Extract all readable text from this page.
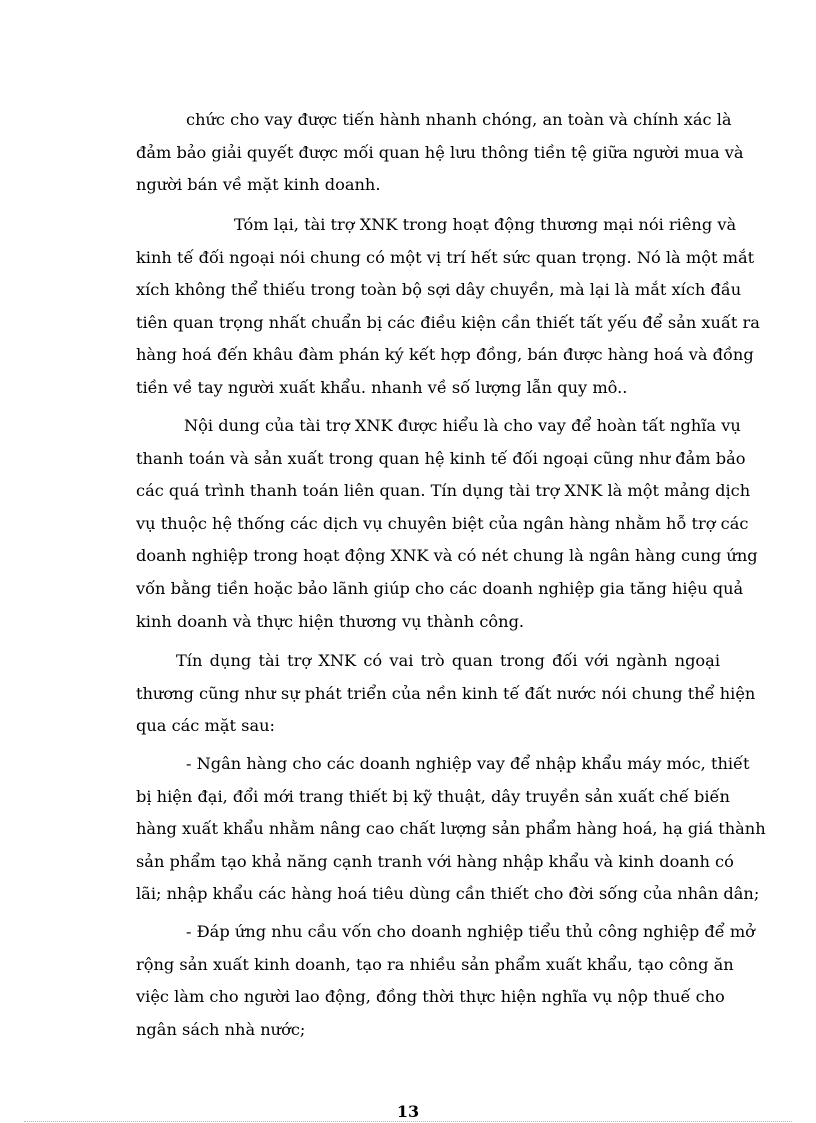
chức cho vay được tiến hành nhanh chóng, an toàn và chính xác là
đảm bảo giải quyết được mối quan hệ lưu thông tiền tệ giữa người mua và
người bán về mặt kinh doanh.
Tóm lại, tài trợ XNK trong hoạt động thương mại nói riêng và
kinh tế đối ngoại nói chung có một vị trí hết sức quan trọng. Nó là một mắt
xích không thể thiếu trong toàn bộ sợi dây chuyền, mà lại là mắt xích đầu
tiên quan trọng nhất chuẩn bị các điều kiện cần thiết tất yếu để sản xuất ra
hàng hoá đến khâu đàm phán ký kết hợp đồng, bán được hàng hoá và đồng
tiền về tay người xuất khẩu. nhanh về số lượng lẫn quy mô..
Nội dung của tài trợ XNK được hiểu là cho vay để hoàn tất nghĩa vụ
thanh toán và sản xuất trong quan hệ kinh tế đối ngoại cũng như đảm bảo
các quá trình thanh toán liên quan. Tín dụng tài trợ XNK là một mảng dịch
vụ thuộc hệ thống các dịch vụ chuyên biệt của ngân hàng nhằm hỗ trợ các
doanh nghiệp trong hoạt động XNK và có nét chung là ngân hàng cung ứng
vốn bằng tiền hoặc bảo lãnh giúp cho các doanh nghiệp gia tăng hiệu quả
kinh doanh và thực hiện thương vụ thành công.
Tín dụng tài trợ XNK có vai trò quan trong đối với ngành ngoại
thương cũng như sự phát triển của nền kinh tế đất nước nói chung thể hiện
qua các mặt sau:
- Ngân hàng cho các doanh nghiệp vay để nhập khẩu máy móc, thiết
bị hiện đại, đổi mới trang thiết bị kỹ thuật, dây truyền sản xuất chế biến
hàng xuất khẩu nhằm nâng cao chất lượng sản phẩm hàng hoá, hạ giá thành
sản phẩm tạo khả năng cạnh tranh với hàng nhập khẩu và kinh doanh có
lãi; nhập khẩu các hàng hoá tiêu dùng cần thiết cho đời sống của nhân dân;
- Đáp ứng nhu cầu vốn cho doanh nghiệp tiểu thủ công nghiệp để mở
rộng sản xuất kinh doanh, tạo ra nhiều sản phẩm xuất khẩu, tạo công ăn
việc làm cho người lao động, đồng thời thực hiện nghĩa vụ nộp thuế cho
ngân sách nhà nước;
13
